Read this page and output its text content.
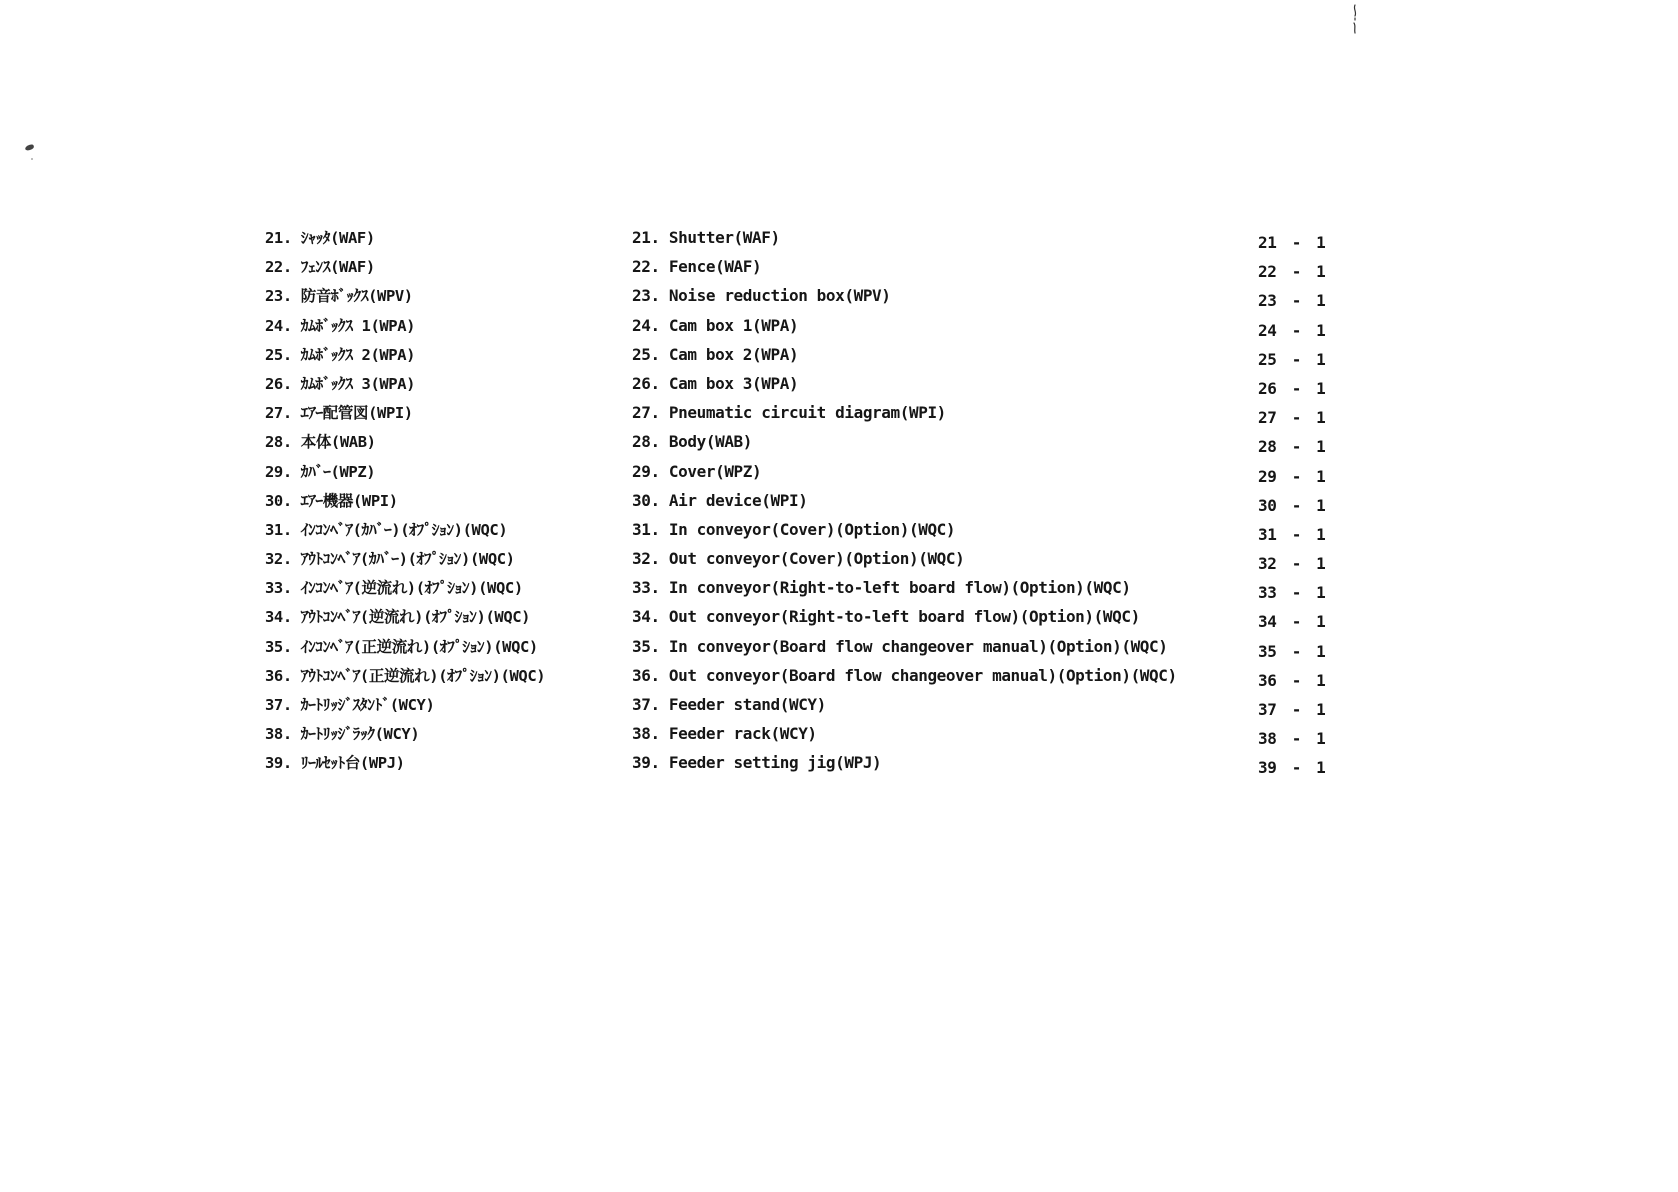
21. ｼｬｯﾀ(WAF)	21. Shutter(WAF)	21 - 1
22. ﾌｪﾝｽ(WAF)	22. Fence(WAF)	22 - 1
23. 防音ﾎﾞｯｸｽ(WPV)	23. Noise reduction box(WPV)	23 - 1
24. ｶﾑﾎﾞｯｸｽ 1(WPA)	24. Cam box 1(WPA)	24 - 1
25. ｶﾑﾎﾞｯｸｽ 2(WPA)	25. Cam box 2(WPA)	25 - 1
26. ｶﾑﾎﾞｯｸｽ 3(WPA)	26. Cam box 3(WPA)	26 - 1
27. ｴｱｰ配管図(WPI)	27. Pneumatic circuit diagram(WPI)	27 - 1
28. 本体(WAB)	28. Body(WAB)	28 - 1
29. ｶﾊﾞｰ(WPZ)	29. Cover(WPZ)	29 - 1
30. ｴｱｰ機器(WPI)	30. Air device(WPI)	30 - 1
31. ｲﾝｺﾝﾍﾞｱ(ｶﾊﾞｰ)(ｵﾌﾟｼｮﾝ)(WQC)	31. In conveyor(Cover)(Option)(WQC)	31 - 1
32. ｱｳﾄｺﾝﾍﾞｱ(ｶﾊﾞｰ)(ｵﾌﾟｼｮﾝ)(WQC)	32. Out conveyor(Cover)(Option)(WQC)	32 - 1
33. ｲﾝｺﾝﾍﾞｱ(逆流れ)(ｵﾌﾟｼｮﾝ)(WQC)	33. In conveyor(Right-to-left board flow)(Option)(WQC)	33 - 1
34. ｱｳﾄｺﾝﾍﾞｱ(逆流れ)(ｵﾌﾟｼｮﾝ)(WQC)	34. Out conveyor(Right-to-left board flow)(Option)(WQC)	34 - 1
35. ｲﾝｺﾝﾍﾞｱ(正逆流れ)(ｵﾌﾟｼｮﾝ)(WQC)	35. In conveyor(Board flow changeover manual)(Option)(WQC)	35 - 1
36. ｱｳﾄｺﾝﾍﾞｱ(正逆流れ)(ｵﾌﾟｼｮﾝ)(WQC)	36. Out conveyor(Board flow changeover manual)(Option)(WQC)	36 - 1
37. ｶｰﾄﾘｯｼﾞｽﾀﾝﾄﾞ(WCY)	37. Feeder stand(WCY)	37 - 1
38. ｶｰﾄﾘｯｼﾞﾗｯｸ(WCY)	38. Feeder rack(WCY)	38 - 1
39. ﾘｰﾙｾｯﾄ台(WPJ)	39. Feeder setting jig(WPJ)	39 - 1
